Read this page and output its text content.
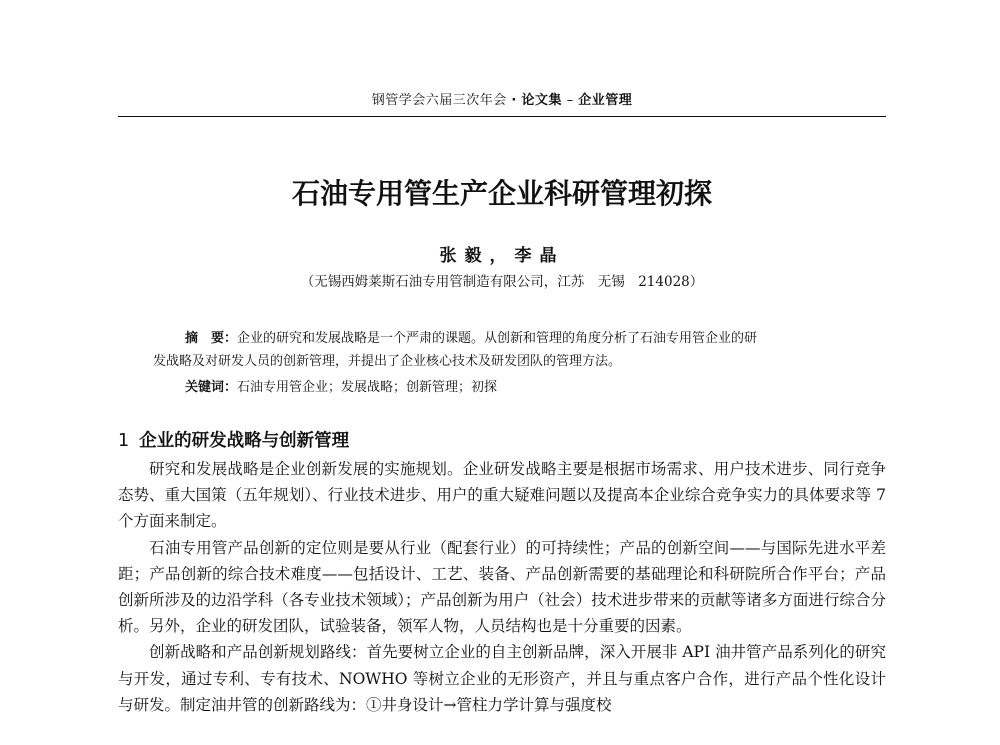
钢管学会六届三次年会 · 论文集 – 企业管理
石油专用管生产企业科研管理初探
张毅，李晶
（无锡西姆莱斯石油专用管制造有限公司，江苏　无锡　214028）
摘　要：企业的研究和发展战略是一个严肃的课题。从创新和管理的角度分析了石油专用管企业的研
发战略及对研发人员的创新管理，并提出了企业核心技术及研发团队的管理方法。
关键词：石油专用管企业；发展战略；创新管理；初探
1 企业的研发战略与创新管理

研究和发展战略是企业创新发展的实施规划。企业研发战略主要是根据市场需求、用户技术进步、同行竞争态势、重大国策（五年规划）、行业技术进步、用户的重大疑难问题以及提高本企业综合竞争实力的具体要求等 7 个方面来制定。

石油专用管产品创新的定位则是要从行业（配套行业）的可持续性；产品的创新空间——与国际先进水平差距；产品创新的综合技术难度——包括设计、工艺、装备、产品创新需要的基础理论和科研院所合作平台；产品创新所涉及的边沿学科（各专业技术领域）；产品创新为用户（社会）技术进步带来的贡献等诸多方面进行综合分析。另外，企业的研发团队，试验装备，领军人物，人员结构也是十分重要的因素。

创新战略和产品创新规划路线：首先要树立企业的自主创新品牌，深入开展非 API 油井管产品系列化的研究与开发，通过专利、专有技术、NOWHO 等树立企业的无形资产，并且与重点客户合作，进行产品个性化设计与研发。制定油井管的创新路线为：①井身设计→管柱力学计算与强度校
